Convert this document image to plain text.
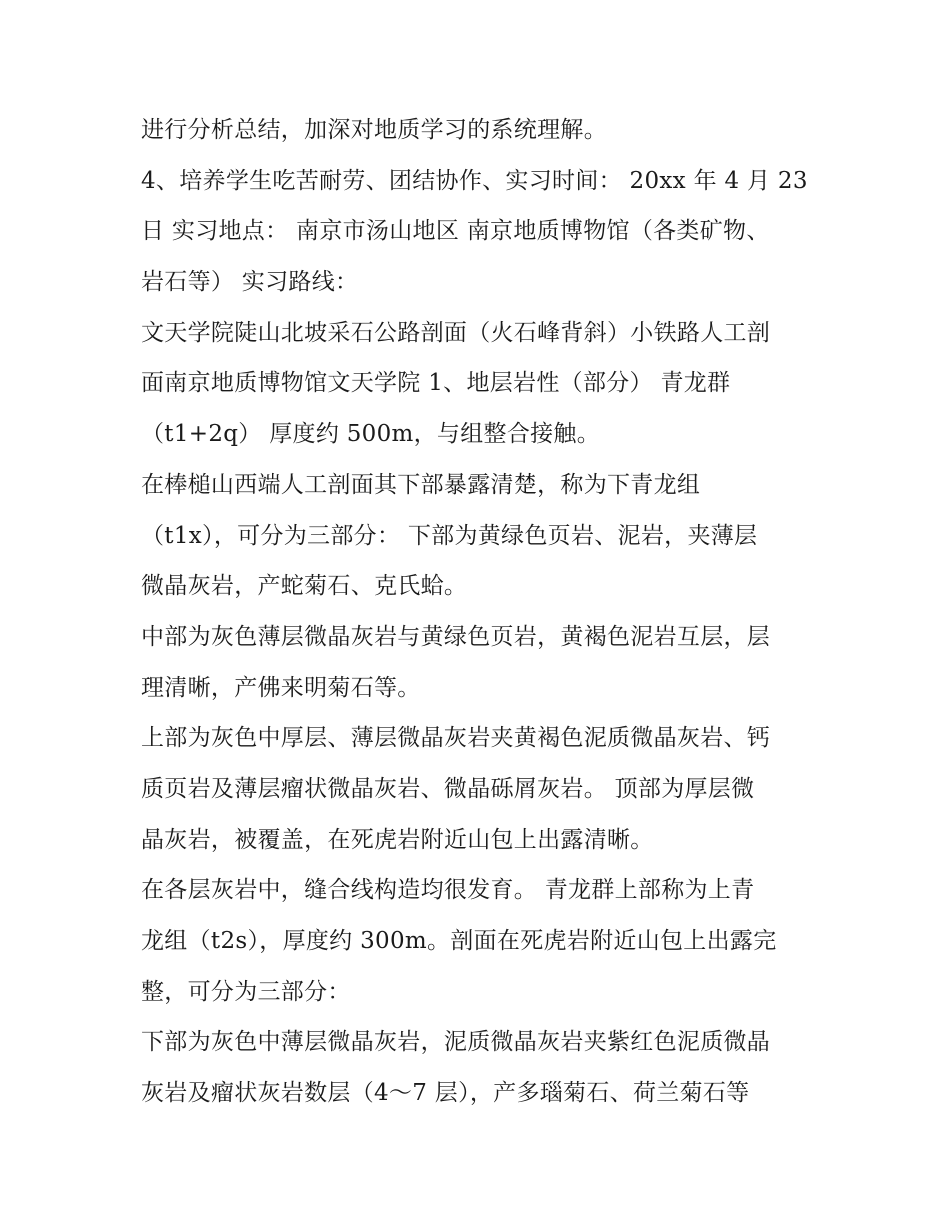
进行分析总结，加深对地质学习的系统理解。
4、培养学生吃苦耐劳、团结协作、实习时间： 20xx 年 4 月 23
日 实习地点： 南京市汤山地区 南京地质博物馆（各类矿物、
岩石等） 实习路线：
文天学院陡山北坡采石公路剖面（火石峰背斜）小铁路人工剖
面南京地质博物馆文天学院 1、地层岩性（部分） 青龙群
（t1+2q） 厚度约 500m，与组整合接触。
在棒槌山西端人工剖面其下部暴露清楚，称为下青龙组
（t1x），可分为三部分： 下部为黄绿色页岩、泥岩，夹薄层
微晶灰岩，产蛇菊石、克氏蛤。
中部为灰色薄层微晶灰岩与黄绿色页岩，黄褐色泥岩互层，层
理清晰，产佛来明菊石等。
上部为灰色中厚层、薄层微晶灰岩夹黄褐色泥质微晶灰岩、钙
质页岩及薄层瘤状微晶灰岩、微晶砾屑灰岩。 顶部为厚层微
晶灰岩，被覆盖，在死虎岩附近山包上出露清晰。
在各层灰岩中，缝合线构造均很发育。 青龙群上部称为上青
龙组（t2s），厚度约 300m。剖面在死虎岩附近山包上出露完
整，可分为三部分：
下部为灰色中薄层微晶灰岩，泥质微晶灰岩夹紫红色泥质微晶
灰岩及瘤状灰岩数层（4～7 层），产多瑙菊石、荷兰菊石等
